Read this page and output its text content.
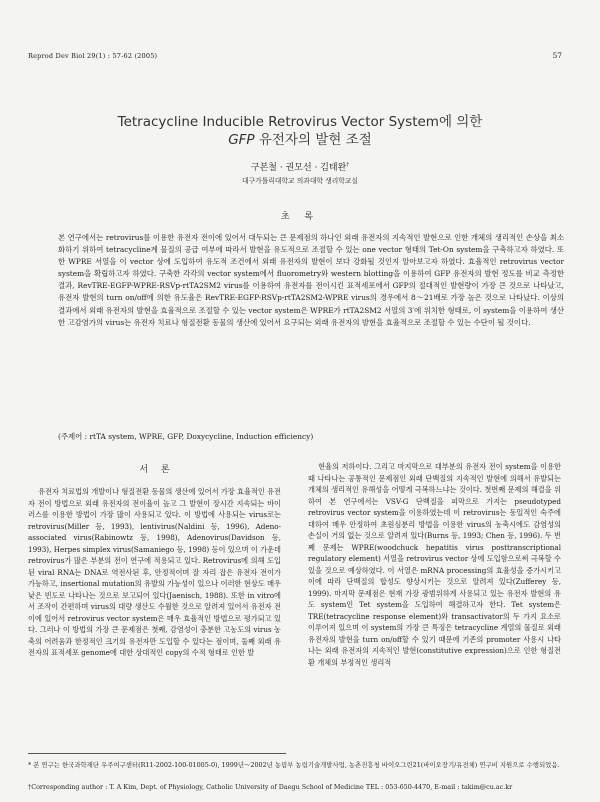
Reprod Dev Biol 29(1) : 57-62 (2005)	57
Tetracycline Inducible Retrovirus Vector System에 의한
GFP 유전자의 발현 조절
구본철 · 권모선 · 김태완†
대구가톨릭대학교 의과대학 생리학교실
초 록
본 연구에서는 retrovirus를 이용한 유전자 전이에 있어서 대두되는 큰 문제점의 하나인 외래 유전자의 지속적인 발현으로 인한 개체의 생리적인 손상을 최소화하기 위하여 tetracycline계 물질의 공급 여부에 따라서 발현을 유도적으로 조절할 수 있는 one vector 형태의 Tet-On system을 구축하고자 하였다. 또한 WPRE 서열을 이 vector 상에 도입하여 유도적 조건에서 외래 유전자의 발현이 보다 강화될 것인지 알아보고자 하였다. 효율적인 retrovirus vector system을 확립하고자 하였다. 구축한 각각의 vector system에서 fluorometry와 western blotting을 이용하여 GFP 유전자의 발현 정도를 비교 측정한 결과, RevTRE-EGFP-WPRE-RSVp-rtTA2SM2 virus를 이용하여 유전자를 전이시킨 표적세포에서 GFP의 절대적인 발현량이 가장 큰 것으로 나타났고, 유전자 발현의 turn on/off에 의한 유도율은 RevTRE-EGFP-RSVp-rtTA2SM2-WPRE virus의 경우에서 8～21배로 가장 높은 것으로 나타났다. 이상의 결과에서 외래 유전자의 발현을 효율적으로 조절할 수 있는 vector system은 WPRE가 rtTA2SM2 서열의 3′에 위치한 형태로, 이 system을 이용하여 생산한 고감염가의 virus는 유전자 치료나 형질전환 동물의 생산에 있어서 요구되는 외래 유전자의 발현을 효율적으로 조절할 수 있는 수단이 될 것이다.
(주제어 : rtTA system, WPRE, GFP, Doxycycline, Induction efficiency)
서 론

유전자 치료법의 개발이나 형질전환 동물의 생산에 있어서 가장 효율적인 유전자 전이 방법으로 외래 유전자의 전이율이 높고 그 발현이 장시간 지속되는 바이러스를 이용한 방법이 가장 많이 사용되고 있다. 이 방법에 사용되는 virus로는 retrovirus(Miller 등, 1993), lentivirus(Naldini 등, 1996), Adeno-associated virus(Rabinowtz 등, 1998), Adenovirus(Davidson 등, 1993), Herpes simplex virus(Samaniego 등, 1998) 등이 있으며 이 가운데 retrovirus가 많은 부분의 전이 연구에 적용되고 있다. Retrovirus에 의해 도입된 viral RNA는 DNA로 역전사된 후, 안정적이며 잘 자리 잡은 유전자 전이가 가능하고, insertional mutation의 유발의 가능성이 있으나 이러한 현상도 매우 낮은 빈도로 나타나는 것으로 보고되어 있다(Jaenisch, 1988). 또한 in vitro에서 조작이 간편하며 virus의 대량 생산도 수월한 것으로 알려져 있어서 유전자 전이에 있어서 retrovirus vector system은 매우 효율적인 방법으로 평가되고 있다. 그러나 이 방법의 가장 큰 문제점은 첫째, 감염성이 충분한 고농도의 virus 농축의 어려움과 한정적인 크기의 유전자만 도입할 수 있다는 점이며, 둘째 외래 유전자의 표적세포 genome에 대한 상대적인 copy의 수적 형태로 인한 발

현율의 저하이다. 그리고 마지막으로 대부분의 유전자 전이 system을 이용한 때 나타나는 공통적인 문제점인 외래 단백질의 지속적인 발현에 의해서 유발되는 개체의 생리적인 유해성을 어떻게 극복하느냐는 것이다. 첫번째 문제의 해결을 위하여 본 연구에서는 VSV-G 단백질을 피막으로 가지는 pseudotyped retrovirus vector system을 이용하였는데 이 retrovirus는 동일적인 숙주에 대하여 매우 안정하여 초원심분리 방법을 이용한 virus의 농축시에도 감염성의 손실이 거의 없는 것으로 알려져 있다(Burns 등, 1993; Chen 등, 1996). 두 번째 문제는 WPRE(woodchuck hepatitis virus posttranscriptional regulatory element) 서열을 retrovirus vector 상에 도입함으로써 극복할 수 있을 것으로 예상하였다. 이 서열은 mRNA processing의 효율성을 증가시키고 이에 따라 단백질의 합성도 향상시키는 것으로 알려져 있다(Zufferey 등, 1999). 마지막 문제점은 현재 가장 광범위하게 사용되고 있는 유전자 발현의 유도 system인 Tet system을 도입하여 해결하고자 한다. Tet system은 TRE(tetracycline response element)와 transactivator의 두 가지 요소로 이루어져 있으며 이 system의 가장 큰 특징은 tetracycline 계열의 물질로 외래 유전자의 발현을 turn on/off할 수 있기 때문에 기존의 promoter 사용시 나타나는 외래 유전자의 지속적인 발현(constitutive expression)으로 인한 형질전환 개체의 부정적인 생리적

* 본 연구는 한국과학재단 우주여구센터(R11-2002-100-01005-0), 1999년～2002년 농림부 농림기술개발사업, 농촌진흥청 바이오그린21(바이오장기/유전체) 연구비 지원으로 수행되었음.
†Corresponding author : T. A Kim, Dept. of Physiology, Catholic University of Daegu School of Medicine TEL : 053-650-4470, E-mail : takim@cu.ac.kr
